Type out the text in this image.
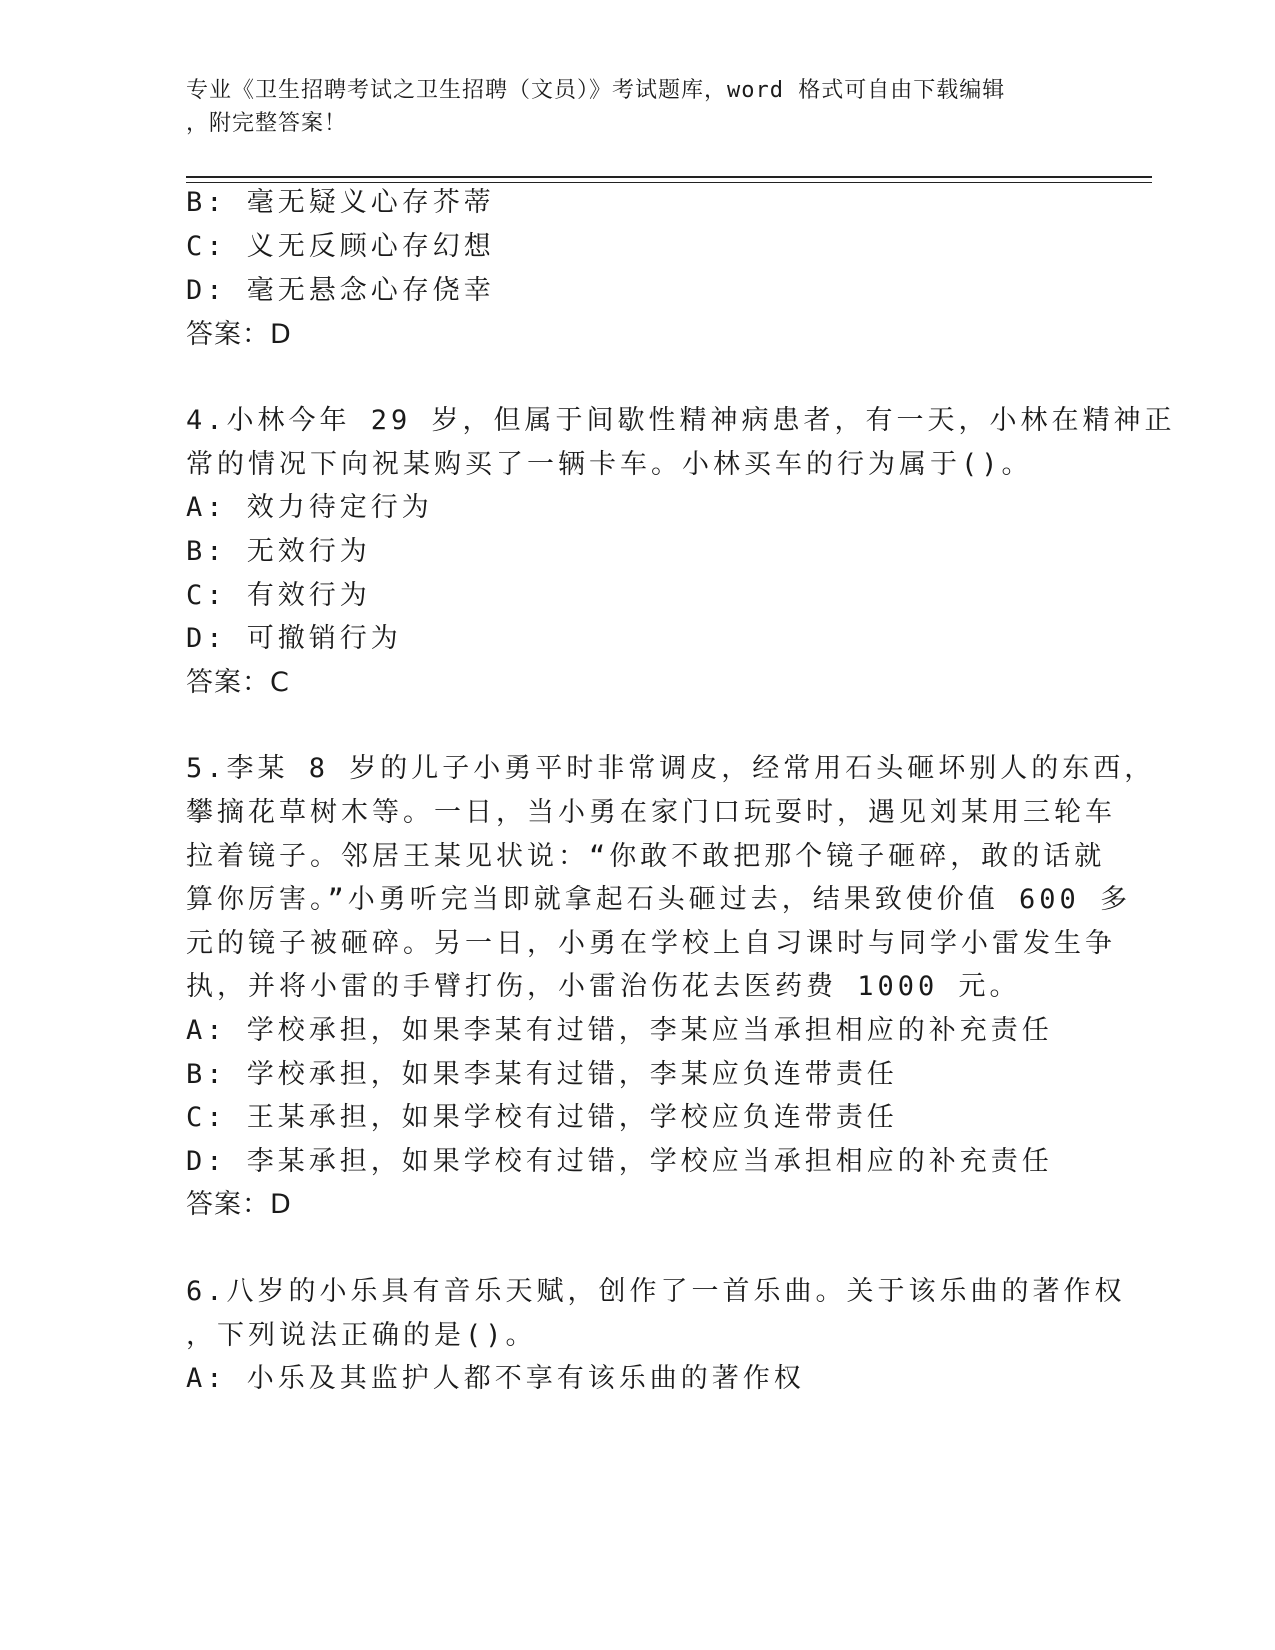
专业《卫生招聘考试之卫生招聘（文员）》考试题库，word 格式可自由下载编辑
，附完整答案！
B: 毫无疑义心存芥蒂
C: 义无反顾心存幻想
D: 毫无悬念心存侥幸
答案：D
4.小林今年 29 岁，但属于间歇性精神病患者，有一天，小林在精神正
常的情况下向祝某购买了一辆卡车。小林买车的行为属于()。
A: 效力待定行为
B: 无效行为
C: 有效行为
D: 可撤销行为
答案：C
5.李某 8 岁的儿子小勇平时非常调皮，经常用石头砸坏别人的东西，
攀摘花草树木等。一日，当小勇在家门口玩耍时，遇见刘某用三轮车
拉着镜子。邻居王某见状说：“你敢不敢把那个镜子砸碎，敢的话就
算你厉害。”小勇听完当即就拿起石头砸过去，结果致使价值 600 多
元的镜子被砸碎。另一日，小勇在学校上自习课时与同学小雷发生争
执，并将小雷的手臂打伤，小雷治伤花去医药费 1000 元。
A: 学校承担，如果李某有过错，李某应当承担相应的补充责任
B: 学校承担，如果李某有过错，李某应负连带责任
C: 王某承担，如果学校有过错，学校应负连带责任
D: 李某承担，如果学校有过错，学校应当承担相应的补充责任
答案：D
6.八岁的小乐具有音乐天赋，创作了一首乐曲。关于该乐曲的著作权
，下列说法正确的是()。
A: 小乐及其监护人都不享有该乐曲的著作权
